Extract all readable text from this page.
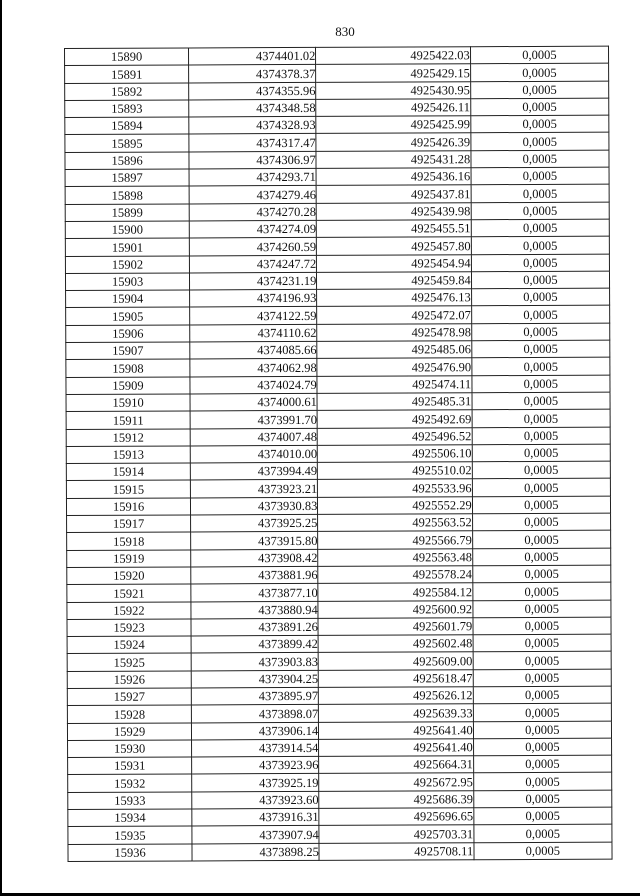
830
15890	4374401.02	4925422.03	0,0005
15891	4374378.37	4925429.15	0,0005
15892	4374355.96	4925430.95	0,0005
15893	4374348.58	4925426.11	0,0005
15894	4374328.93	4925425.99	0,0005
15895	4374317.47	4925426.39	0,0005
15896	4374306.97	4925431.28	0,0005
15897	4374293.71	4925436.16	0,0005
15898	4374279.46	4925437.81	0,0005
15899	4374270.28	4925439.98	0,0005
15900	4374274.09	4925455.51	0,0005
15901	4374260.59	4925457.80	0,0005
15902	4374247.72	4925454.94	0,0005
15903	4374231.19	4925459.84	0,0005
15904	4374196.93	4925476.13	0,0005
15905	4374122.59	4925472.07	0,0005
15906	4374110.62	4925478.98	0,0005
15907	4374085.66	4925485.06	0,0005
15908	4374062.98	4925476.90	0,0005
15909	4374024.79	4925474.11	0,0005
15910	4374000.61	4925485.31	0,0005
15911	4373991.70	4925492.69	0,0005
15912	4374007.48	4925496.52	0,0005
15913	4374010.00	4925506.10	0,0005
15914	4373994.49	4925510.02	0,0005
15915	4373923.21	4925533.96	0,0005
15916	4373930.83	4925552.29	0,0005
15917	4373925.25	4925563.52	0,0005
15918	4373915.80	4925566.79	0,0005
15919	4373908.42	4925563.48	0,0005
15920	4373881.96	4925578.24	0,0005
15921	4373877.10	4925584.12	0,0005
15922	4373880.94	4925600.92	0,0005
15923	4373891.26	4925601.79	0,0005
15924	4373899.42	4925602.48	0,0005
15925	4373903.83	4925609.00	0,0005
15926	4373904.25	4925618.47	0,0005
15927	4373895.97	4925626.12	0,0005
15928	4373898.07	4925639.33	0,0005
15929	4373906.14	4925641.40	0,0005
15930	4373914.54	4925641.40	0,0005
15931	4373923.96	4925664.31	0,0005
15932	4373925.19	4925672.95	0,0005
15933	4373923.60	4925686.39	0,0005
15934	4373916.31	4925696.65	0,0005
15935	4373907.94	4925703.31	0,0005
15936	4373898.25	4925708.11	0,0005
